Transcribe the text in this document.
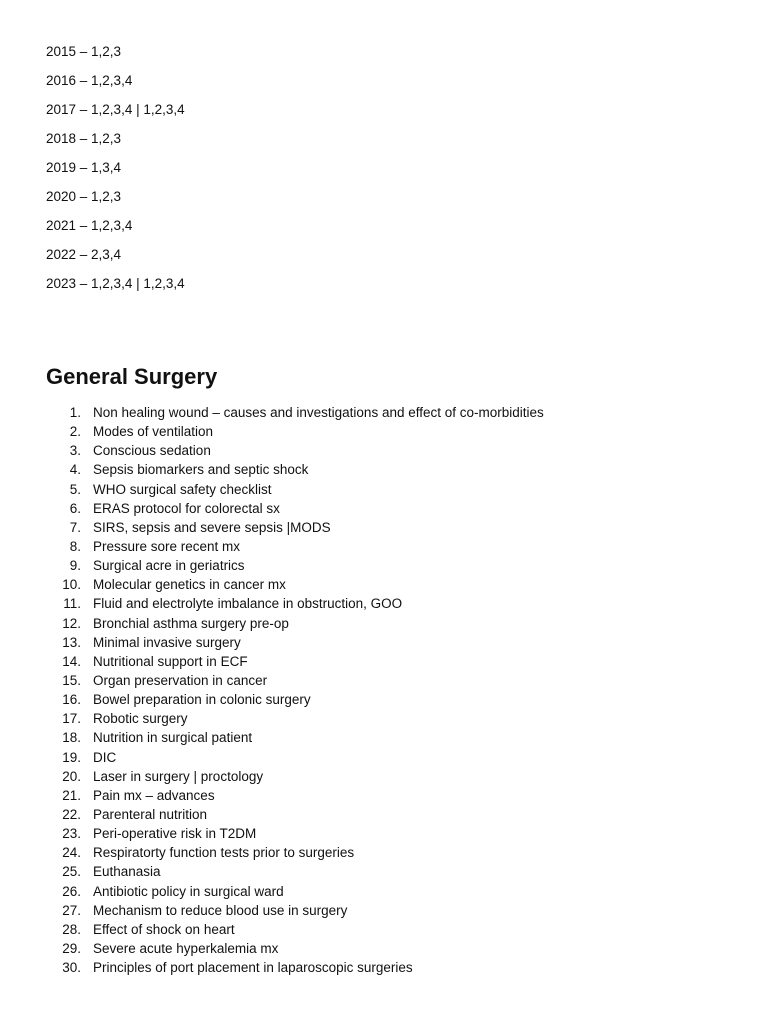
2015 – 1,2,3
2016 – 1,2,3,4
2017 – 1,2,3,4 | 1,2,3,4
2018 – 1,2,3
2019 – 1,3,4
2020 – 1,2,3
2021 – 1,2,3,4
2022 – 2,3,4
2023 – 1,2,3,4 | 1,2,3,4
General Surgery
1. Non healing wound – causes and investigations and effect of co-morbidities
2. Modes of ventilation
3. Conscious sedation
4. Sepsis biomarkers and septic shock
5. WHO surgical safety checklist
6. ERAS protocol for colorectal sx
7. SIRS, sepsis and severe sepsis |MODS
8. Pressure sore recent mx
9. Surgical acre in geriatrics
10. Molecular genetics in cancer mx
11. Fluid and electrolyte imbalance in obstruction, GOO
12. Bronchial asthma surgery pre-op
13. Minimal invasive surgery
14. Nutritional support in ECF
15. Organ preservation in cancer
16. Bowel preparation in colonic surgery
17. Robotic surgery
18. Nutrition in surgical patient
19. DIC
20. Laser in surgery | proctology
21. Pain mx – advances
22. Parenteral nutrition
23. Peri-operative risk in T2DM
24. Respiratorty function tests prior to surgeries
25. Euthanasia
26. Antibiotic policy in surgical ward
27. Mechanism to reduce blood use in surgery
28. Effect of shock on heart
29. Severe acute hyperkalemia mx
30. Principles of port placement in laparoscopic surgeries
